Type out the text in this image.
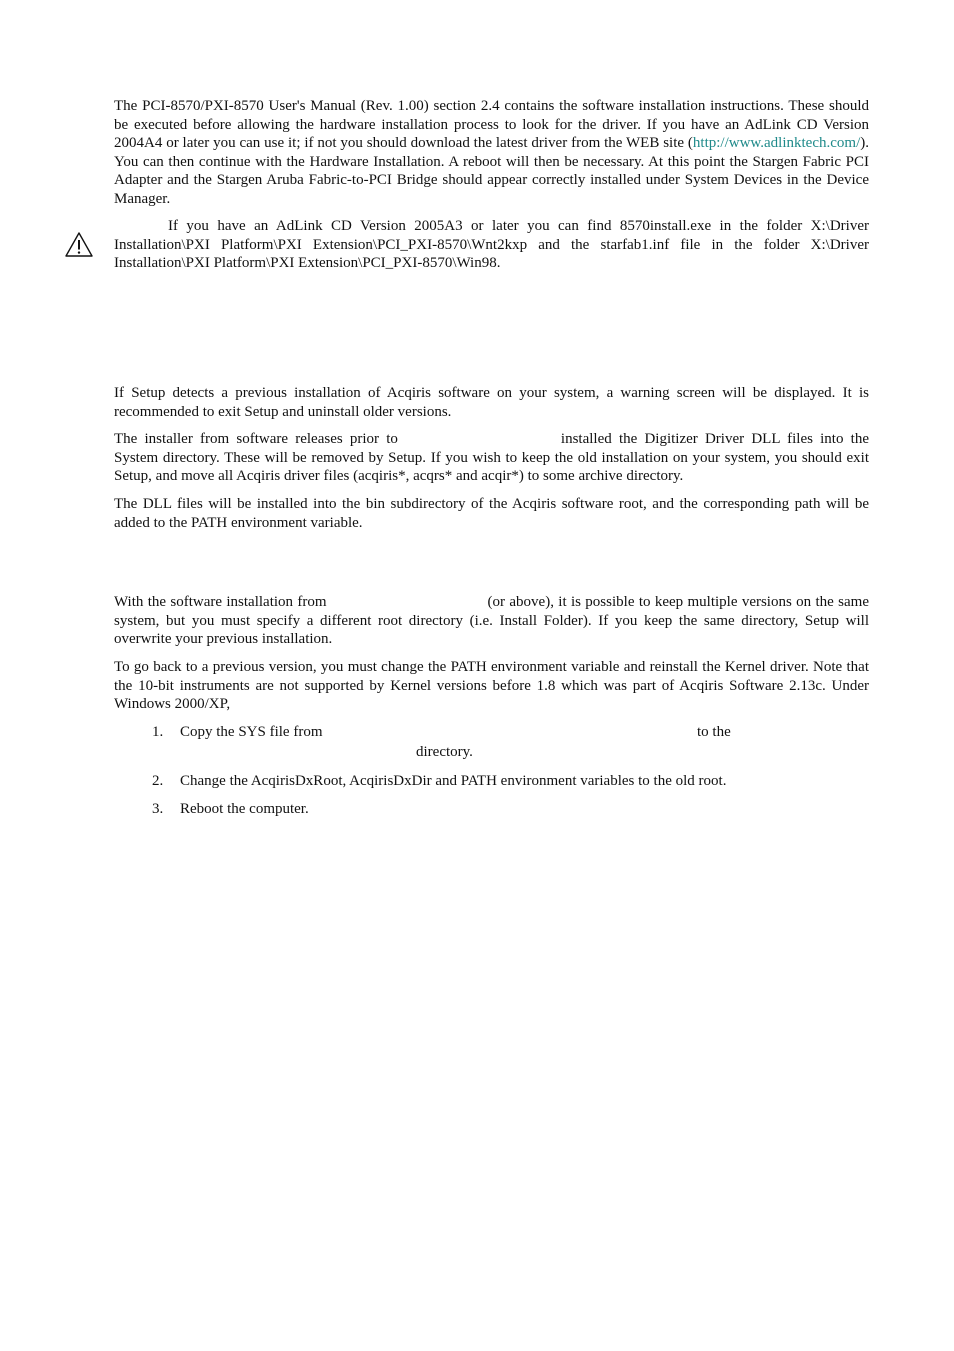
The PCI-8570/PXI-8570 User's Manual (Rev. 1.00) section 2.4 contains the software installation instructions. These should be executed before allowing the hardware installation process to look for the driver. If you have an AdLink CD Version 2004A4 or later you can use it; if not you should download the latest driver from the WEB site (http://www.adlinktech.com/). You can then continue with the Hardware Installation. A reboot will then be necessary. At this point the Stargen Fabric PCI Adapter and the Stargen Aruba Fabric-to-PCI Bridge should appear correctly installed under System Devices in the Device Manager.
If you have an AdLink CD Version 2005A3 or later you can find 8570install.exe in the folder X:\Driver Installation\PXI Platform\PXI Extension\PCI_PXI-8570\Wnt2kxp and the starfab1.inf file in the folder X:\Driver Installation\PXI Platform\PXI Extension\PCI_PXI-8570\Win98.
If Setup detects a previous installation of Acqiris software on your system, a warning screen will be displayed. It is recommended to exit Setup and uninstall older versions.
The installer from software releases prior to	installed the Digitizer Driver DLL files into the System directory. These will be removed by Setup. If you wish to keep the old installation on your system, you should exit Setup, and move all Acqiris driver files (acqiris*, acqrs* and acqir*) to some archive directory.
The DLL files will be installed into the bin subdirectory of the Acqiris software root, and the corresponding path will be added to the PATH environment variable.
With the software installation from	(or above), it is possible to keep multiple versions on the same system, but you must specify a different root directory (i.e. Install Folder). If you keep the same directory, Setup will overwrite your previous installation.
To go back to a previous version, you must change the PATH environment variable and reinstall the Kernel driver. Note that the 10-bit instruments are not supported by Kernel versions before 1.8 which was part of Acqiris Software 2.13c. Under Windows 2000/XP,
1. Copy the SYS file from	to the
directory.
2. Change the AcqirisDxRoot, AcqirisDxDir and PATH environment variables to the old root.
3. Reboot the computer.
